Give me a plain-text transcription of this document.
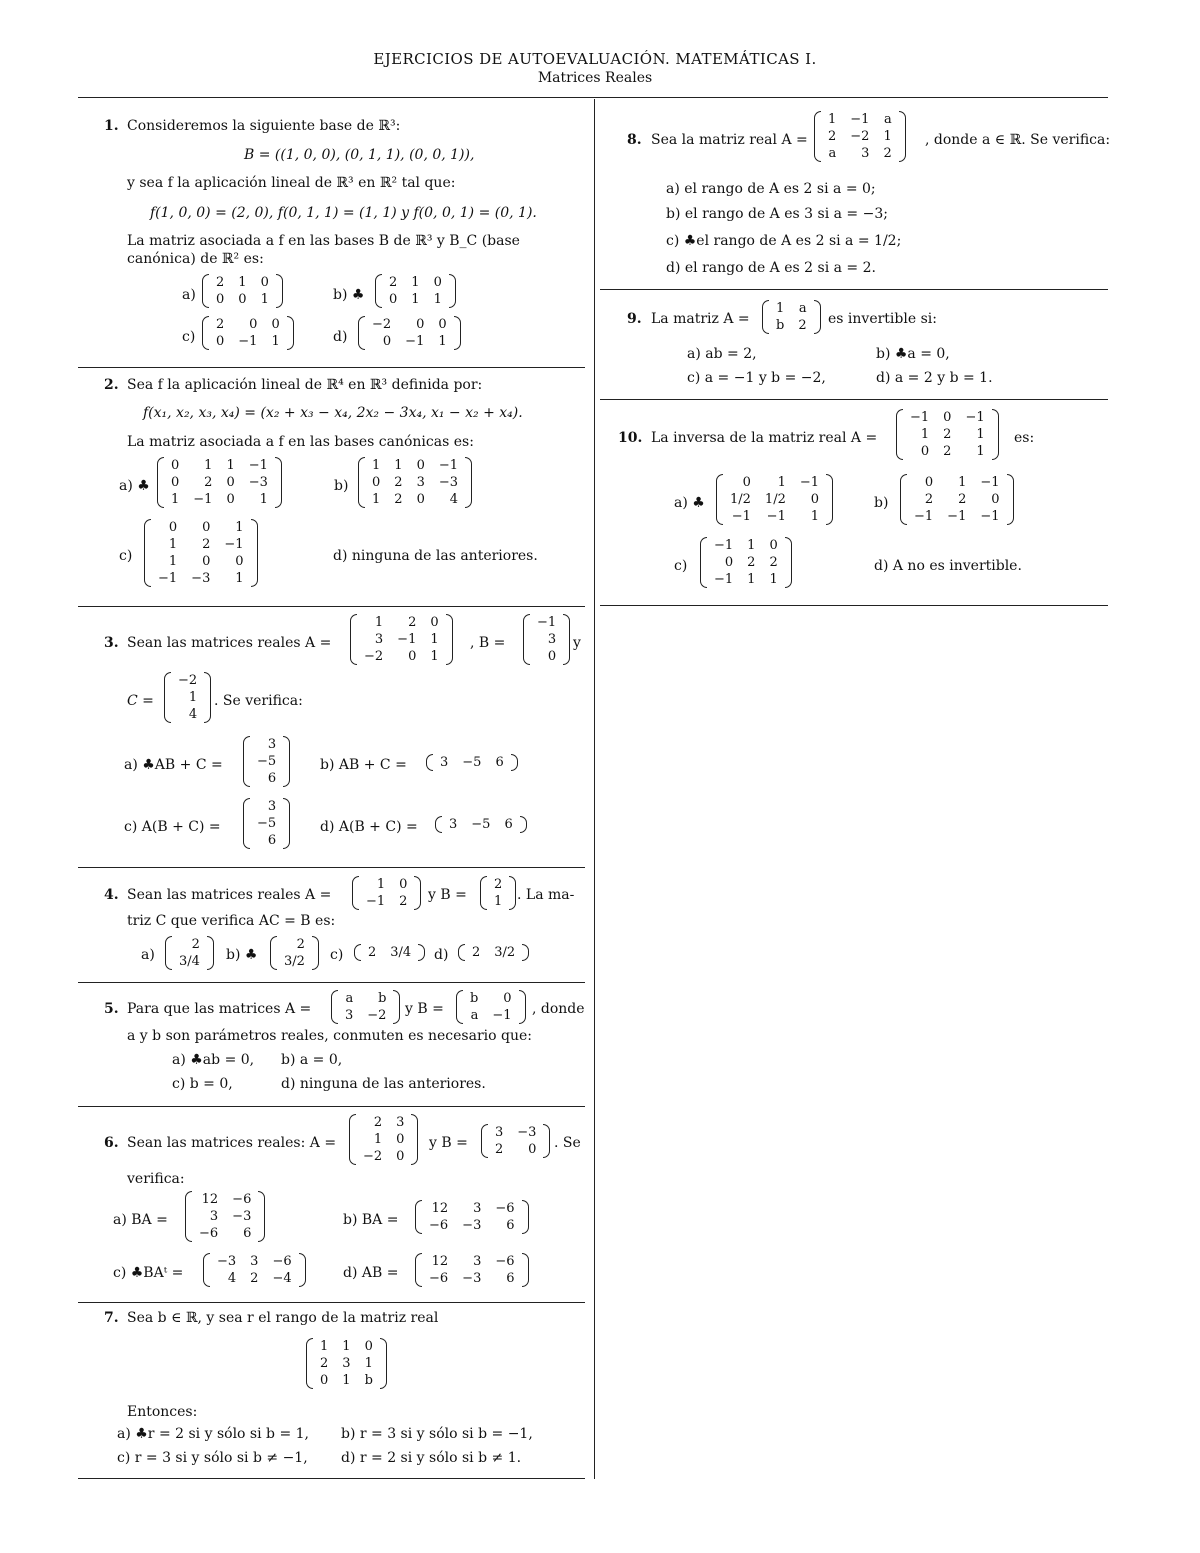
EJERCICIOS DE AUTOEVALUACIÓN. MATEMÁTICAS I.
Matrices Reales
1. Consideremos la siguiente base de ℝ³:
B = ((1, 0, 0), (0, 1, 1), (0, 0, 1)),
y sea f la aplicación lineal de ℝ³ en ℝ² tal que:
f(1, 0, 0) = (2, 0), f(0, 1, 1) = (1, 1) y f(0, 0, 1) = (0, 1).
La matriz asociada a f en las bases B de ℝ³ y B_C (base
canónica) de ℝ² es:
a)
2	1	0
0	0	1	b) ♣
2	1	0
0	1	1
c)
2	0	0
0	−1	1	d)
−2	0	0
0	−1	1
2. Sea f la aplicación lineal de ℝ⁴ en ℝ³ definida por:
f(x₁, x₂, x₃, x₄) = (x₂ + x₃ − x₄, 2x₂ − 3x₄, x₁ − x₂ + x₄).
La matriz asociada a f en las bases canónicas es:
a) ♣
0	1	1	−1
0	2	0	−3
1	−1	0	1
b)
1	1	0	−1
0	2	3	−3
1	2	0	4
c)
0	0	1
1	2	−1
1	0	0
−1	−3	1
d) ninguna de las anteriores.
3. Sean las matrices reales A =
1	2	0
3	−1	1
−2	0	1
, B =
−1
3
0
y
C =
−2
1
4
. Se verifica:
a) ♣AB + C =
3
−5
6
b) AB + C =	3	−5	6
c) A(B + C) =
3
−5
6
d) A(B + C) = 3	−5	6
4. Sean las matrices reales A =
1	0
−1	2 y B =
2
1 . La ma-
triz C que verifica AC = B es:
a)
2
3/4 b) ♣
2
3/2 c) 2	3/4 d) 2	3/2
5. Para que las matrices A =
a	b
3	−2 y B =
b	0
a	−1 , donde
a y b son parámetros reales, conmuten es necesario que:
a) ♣ab = 0, b) a = 0,
c) b = 0,	d) ninguna de las anteriores.
6. Sean las matrices reales: A =
2	3
1	0
−2	0
y B =
3	−3
2	0 . Se
verifica:
a) BA =
12	−6
3	−3
−6	6
b) BA =
12	3	−6
−6	−3	6
c) ♣BAᵗ =
−3	3	−6
4	2	−4	d) AB =
12	3	−6
−6	−3	6
7. Sea b ∈ ℝ, y sea r el rango de la matriz real
1	1	0
2	3	1
0	1	b
Entonces:
a) ♣r = 2 si y sólo si b = 1, b) r = 3 si y sólo si b = −1,
c) r = 3 si y sólo si b ≠ −1, d) r = 2 si y sólo si b ≠ 1.
8. Sea la matriz real A =
1	−1	a
2	−2	1
a	3	2
, donde a ∈ ℝ. Se verifica:
a) el rango de A es 2 si a = 0;
b) el rango de A es 3 si a = −3;
c) ♣el rango de A es 2 si a = 1/2;
d) el rango de A es 2 si a = 2.
9. La matriz A =
1	a
b	2 es invertible si:
a) ab = 2,	b) ♣a = 0,
c) a = −1 y b = −2,	d) a = 2 y b = 1.
10. La inversa de la matriz real A =
−1	0	−1
1	2	1
0	2	1
es:
a) ♣
0	1	−1
1/2	1/2	0
−1	−1	1
b)
0	1	−1
2	2	0
−1	−1	−1
c)
−1	1	0
0	2	2
−1	1	1
d) A no es invertible.
